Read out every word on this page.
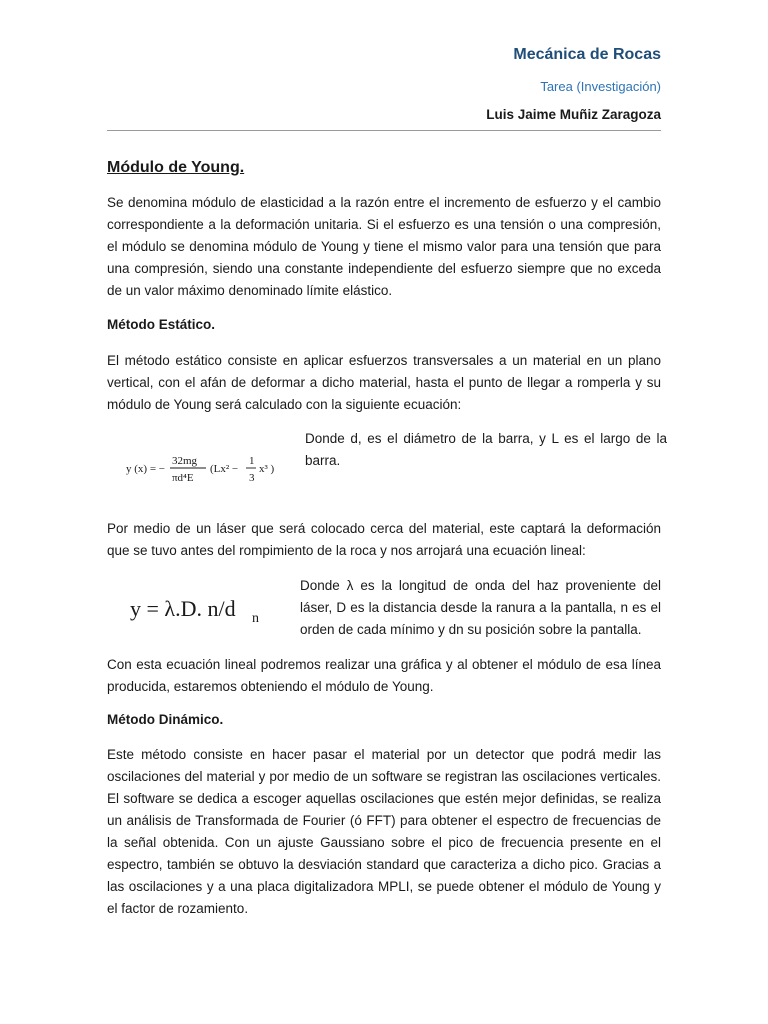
Mecánica de Rocas
Tarea (Investigación)
Luis Jaime Muñiz Zaragoza
Módulo de Young.

Se denomina módulo de elasticidad a la razón entre el incremento de esfuerzo y el cambio correspondiente a la deformación unitaria. Si el esfuerzo es una tensión o una compresión, el módulo se denomina módulo de Young y tiene el mismo valor para una tensión que para una compresión, siendo una constante independiente del esfuerzo siempre que no exceda de un valor máximo denominado límite elástico.

Método Estático.

El método estático consiste en aplicar esfuerzos transversales a un material en un plano vertical, con el afán de deformar a dicho material, hasta el punto de llegar a romperla y su módulo de Young será calculado con la siguiente ecuación:

y (x) = −
32mg
πd⁴E
(Lx² −
1
3
x³ )

Donde d, es el diámetro de la barra, y L es el largo de la barra.

Por medio de un láser que será colocado cerca del material, este captará la deformación que se tuvo antes del rompimiento de la roca y nos arrojará una ecuación lineal:

y = λ.D. n/d n

Donde λ es la longitud de onda del haz proveniente del láser, D es la distancia desde la ranura a la pantalla, n es el orden de cada mínimo y dn su posición sobre la pantalla.

Con esta ecuación lineal podremos realizar una gráfica y al obtener el módulo de esa línea producida, estaremos obteniendo el módulo de Young.

Método Dinámico.

Este método consiste en hacer pasar el material por un detector que podrá medir las oscilaciones del material y por medio de un software se registran las oscilaciones verticales. El software se dedica a escoger aquellas oscilaciones que estén mejor definidas, se realiza un análisis de Transformada de Fourier (ó FFT) para obtener el espectro de frecuencias de la señal obtenida. Con un ajuste Gaussiano sobre el pico de frecuencia presente en el espectro, también se obtuvo la desviación standard que caracteriza a dicho pico. Gracias a las oscilaciones y a una placa digitalizadora MPLI, se puede obtener el módulo de Young y el factor de rozamiento.
